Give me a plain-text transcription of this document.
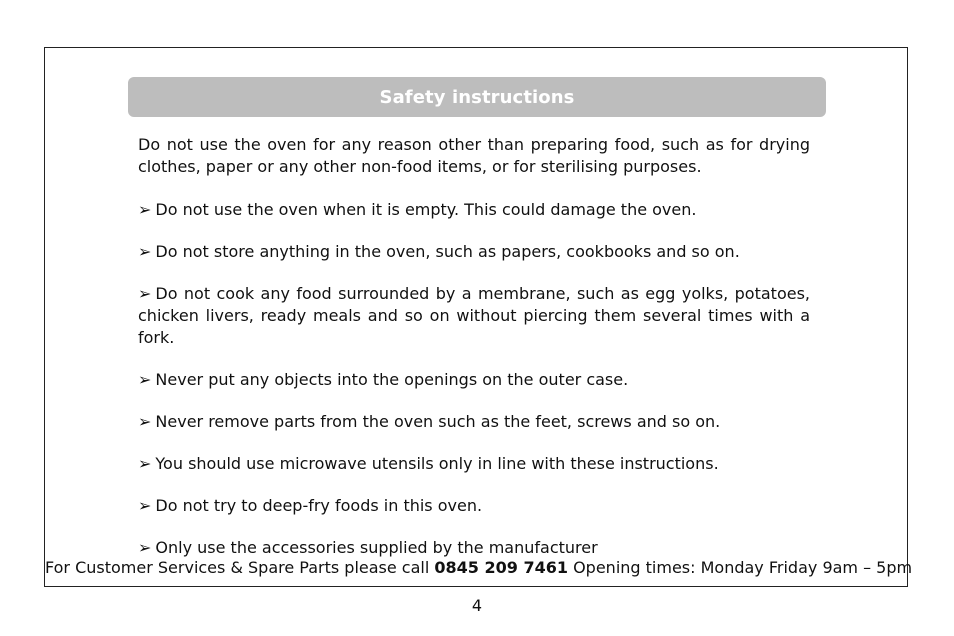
Safety instructions

Do not use the oven for any reason other than preparing food, such as for drying clothes, paper or any other non-food items, or for sterilising purposes.

➢ Do not use the oven when it is empty. This could damage the oven.

➢ Do not store anything in the oven, such as papers, cookbooks and so on.

➢ Do not cook any food surrounded by a membrane, such as egg yolks, potatoes, chicken livers, ready meals and so on without piercing them several times with a fork.

➢ Never put any objects into the openings on the outer case.

➢ Never remove parts from the oven such as the feet, screws and so on.

➢ You should use microwave utensils only in line with these instructions.

➢ Do not try to deep-fry foods in this oven.

➢ Only use the accessories supplied by the manufacturer

For Customer Services & Spare Parts please call 0845 209 7461 Opening times: Monday Friday 9am – 5pm
4
